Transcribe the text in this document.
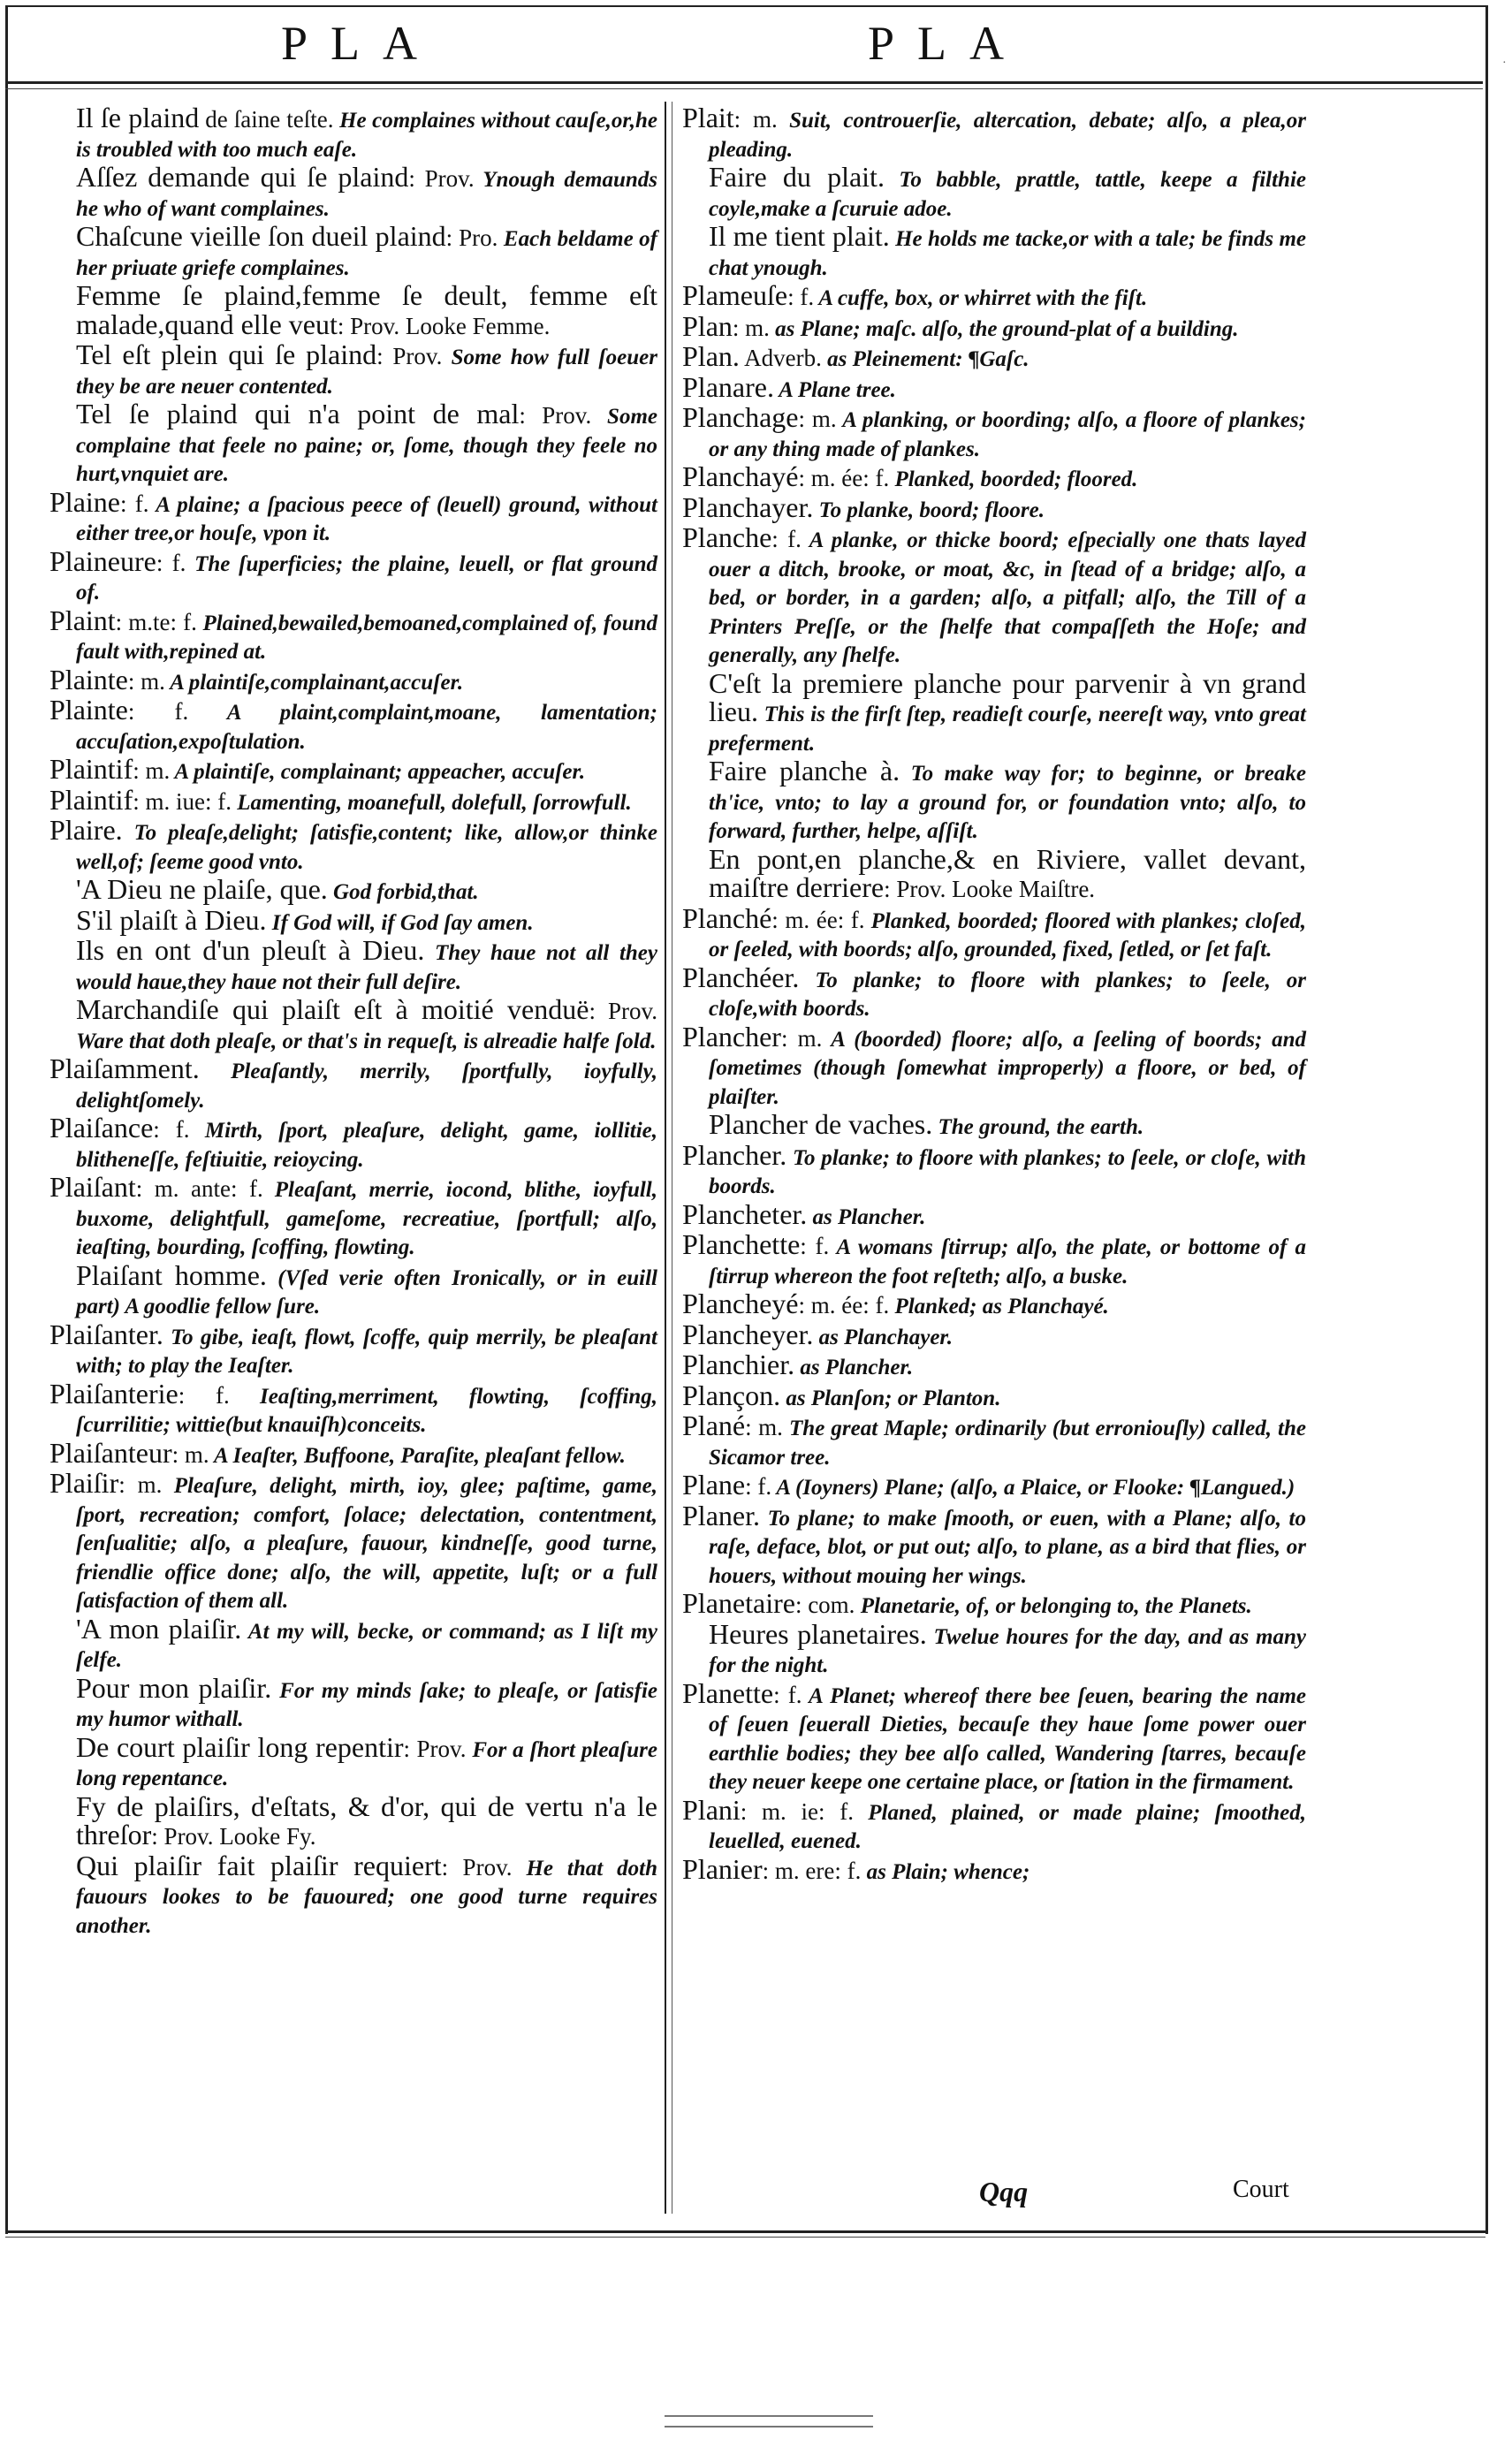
PLA	PLA	·

Il ſe plaind de ſaine teſte. He complaines without cauſe,or,he is troubled with too much eaſe.

Aſſez demande qui ſe plaind: Prov. Ynough demaunds he who of want complaines.

Chaſcune vieille ſon dueil plaind: Pro. Each beldame of her priuate griefe complaines.

Femme ſe plaind,femme ſe deult, femme eſt malade,quand elle veut: Prov. Looke Femme.

Tel eſt plein qui ſe plaind: Prov. Some how full ſoeuer they be are neuer contented.

Tel ſe plaind qui n'a point de mal: Prov. Some complaine that feele no paine; or, ſome, though they feele no hurt,vnquiet are.

Plaine: f. A plaine; a ſpacious peece of (leuell) ground, without either tree,or houſe, vpon it.

Plaineure: f. The ſuperficies; the plaine, leuell, or flat ground of.

Plaint: m.te: f. Plained,bewailed,bemoaned,complained of, found fault with,repined at.

Plainte: m. A plaintiſe,complainant,accuſer.

Plainte: f. A plaint,complaint,moane, lamentation; accuſation,expoſtulation.

Plaintif: m. A plaintiſe, complainant; appeacher, accuſer.

Plaintif: m. iue: f. Lamenting, moanefull, dolefull, ſorrowfull.

Plaire. To pleaſe,delight; ſatisfie,content; like, allow,or thinke well,of; ſeeme good vnto.

'A Dieu ne plaiſe, que. God forbid,that.

S'il plaiſt à Dieu. If God will, if God ſay amen.

Ils en ont d'un pleuſt à Dieu. They haue not all they would haue,they haue not their full deſire.

Marchandiſe qui plaiſt eſt à moitié venduë: Prov. Ware that doth pleaſe, or that's in requeſt, is alreadie halfe ſold.

Plaiſamment. Pleaſantly, merrily, ſportfully, ioyfully, delightſomely.

Plaiſance: f. Mirth, ſport, pleaſure, delight, game, iollitie, blitheneſſe, feſtiuitie, reioycing.

Plaiſant: m. ante: f. Pleaſant, merrie, iocond, blithe, ioyfull, buxome, delightfull, gameſome, recreatiue, ſportfull; alſo, ieaſting, bourding, ſcoffing, flowting.

Plaiſant homme. (Vſed verie often Ironically, or in euill part) A goodlie fellow ſure.

Plaiſanter. To gibe, ieaſt, flowt, ſcoffe, quip merrily, be pleaſant with; to play the Ieaſter.

Plaiſanterie: f. Ieaſting,merriment, flowting, ſcoffing, ſcurrilitie; wittie(but knauiſh)conceits.

Plaiſanteur: m. A Ieaſter, Buffoone, Paraſite, pleaſant fellow.

Plaiſir: m. Pleaſure, delight, mirth, ioy, glee; paſtime, game, ſport, recreation; comfort, ſolace; delectation, contentment, ſenſualitie; alſo, a pleaſure, fauour, kindneſſe, good turne, friendlie office done; alſo, the will, appetite, luſt; or a full ſatisfaction of them all.

'A mon plaiſir. At my will, becke, or command; as I liſt my ſelfe.

Pour mon plaiſir. For my minds ſake; to pleaſe, or ſatisfie my humor withall.

De court plaiſir long repentir: Prov. For a ſhort pleaſure long repentance.

Fy de plaiſirs, d'eſtats, & d'or, qui de vertu n'a le threſor: Prov. Looke Fy.

Qui plaiſir fait plaiſir requiert: Prov. He that doth fauours lookes to be fauoured; one good turne requires another.

Plait: m. Suit, controuerſie, altercation, debate; alſo, a plea,or pleading.

Faire du plait. To babble, prattle, tattle, keepe a filthie coyle,make a ſcuruie adoe.

Il me tient plait. He holds me tacke,or with a tale; be finds me chat ynough.

Plameuſe: f. A cuffe, box, or whirret with the fiſt.

Plan: m. as Plane; maſc. alſo, the ground-plat of a building.

Plan. Adverb. as Pleinement: ¶Gaſc.

Planare. A Plane tree.

Planchage: m. A planking, or boording; alſo, a floore of plankes; or any thing made of plankes.

Planchayé: m. ée: f. Planked, boorded; floored.

Planchayer. To planke, boord; floore.

Planche: f. A planke, or thicke boord; eſpecially one thats layed ouer a ditch, brooke, or moat, &c, in ſtead of a bridge; alſo, a bed, or border, in a garden; alſo, a pitfall; alſo, the Till of a Printers Preſſe, or the ſhelfe that compaſſeth the Hoſe; and generally, any ſhelfe.

C'eſt la premiere planche pour parvenir à vn grand lieu. This is the firſt ſtep, readieſt courſe, neereſt way, vnto great preferment.

Faire planche à. To make way for; to beginne, or breake th'ice, vnto; to lay a ground for, or foundation vnto; alſo, to forward, further, helpe, aſſiſt.

En pont,en planche,& en Riviere, vallet devant, maiſtre derriere: Prov. Looke Maiſtre.

Planché: m. ée: f. Planked, boorded; floored with plankes; cloſed, or ſeeled, with boords; alſo, grounded, fixed, ſetled, or ſet faſt.

Planchéer. To planke; to floore with plankes; to ſeele, or cloſe,with boords.

Plancher: m. A (boorded) floore; alſo, a ſeeling of boords; and ſometimes (though ſomewhat improperly) a floore, or bed, of plaiſter.

Plancher de vaches. The ground, the earth.

Plancher. To planke; to floore with plankes; to ſeele, or cloſe, with boords.

Plancheter. as Plancher.

Planchette: f. A womans ſtirrup; alſo, the plate, or bottome of a ſtirrup whereon the foot reſteth; alſo, a buske.

Plancheyé: m. ée: f. Planked; as Planchayé.

Plancheyer. as Planchayer.

Planchier. as Plancher.

Plançon. as Planſon; or Planton.

Plané: m. The great Maple; ordinarily (but erroniouſly) called, the Sicamor tree.

Plane: f. A (Ioyners) Plane; (alſo, a Plaice, or Flooke: ¶Langued.)

Planer. To plane; to make ſmooth, or euen, with a Plane; alſo, to raſe, deface, blot, or put out; alſo, to plane, as a bird that flies, or houers, without mouing her wings.

Planetaire: com. Planetarie, of, or belonging to, the Planets.

Heures planetaires. Twelue houres for the day, and as many for the night.

Planette: f. A Planet; whereof there bee ſeuen, bearing the name of ſeuen ſeuerall Dieties, becauſe they haue ſome power ouer earthlie bodies; they bee alſo called, Wandering ſtarres, becauſe they neuer keepe one certaine place, or ſtation in the firmament.

Plani: m. ie: f. Planed, plained, or made plaine; ſmoothed, leuelled, euened.

Planier: m. ere: f. as Plain; whence;

Qqq	Court
